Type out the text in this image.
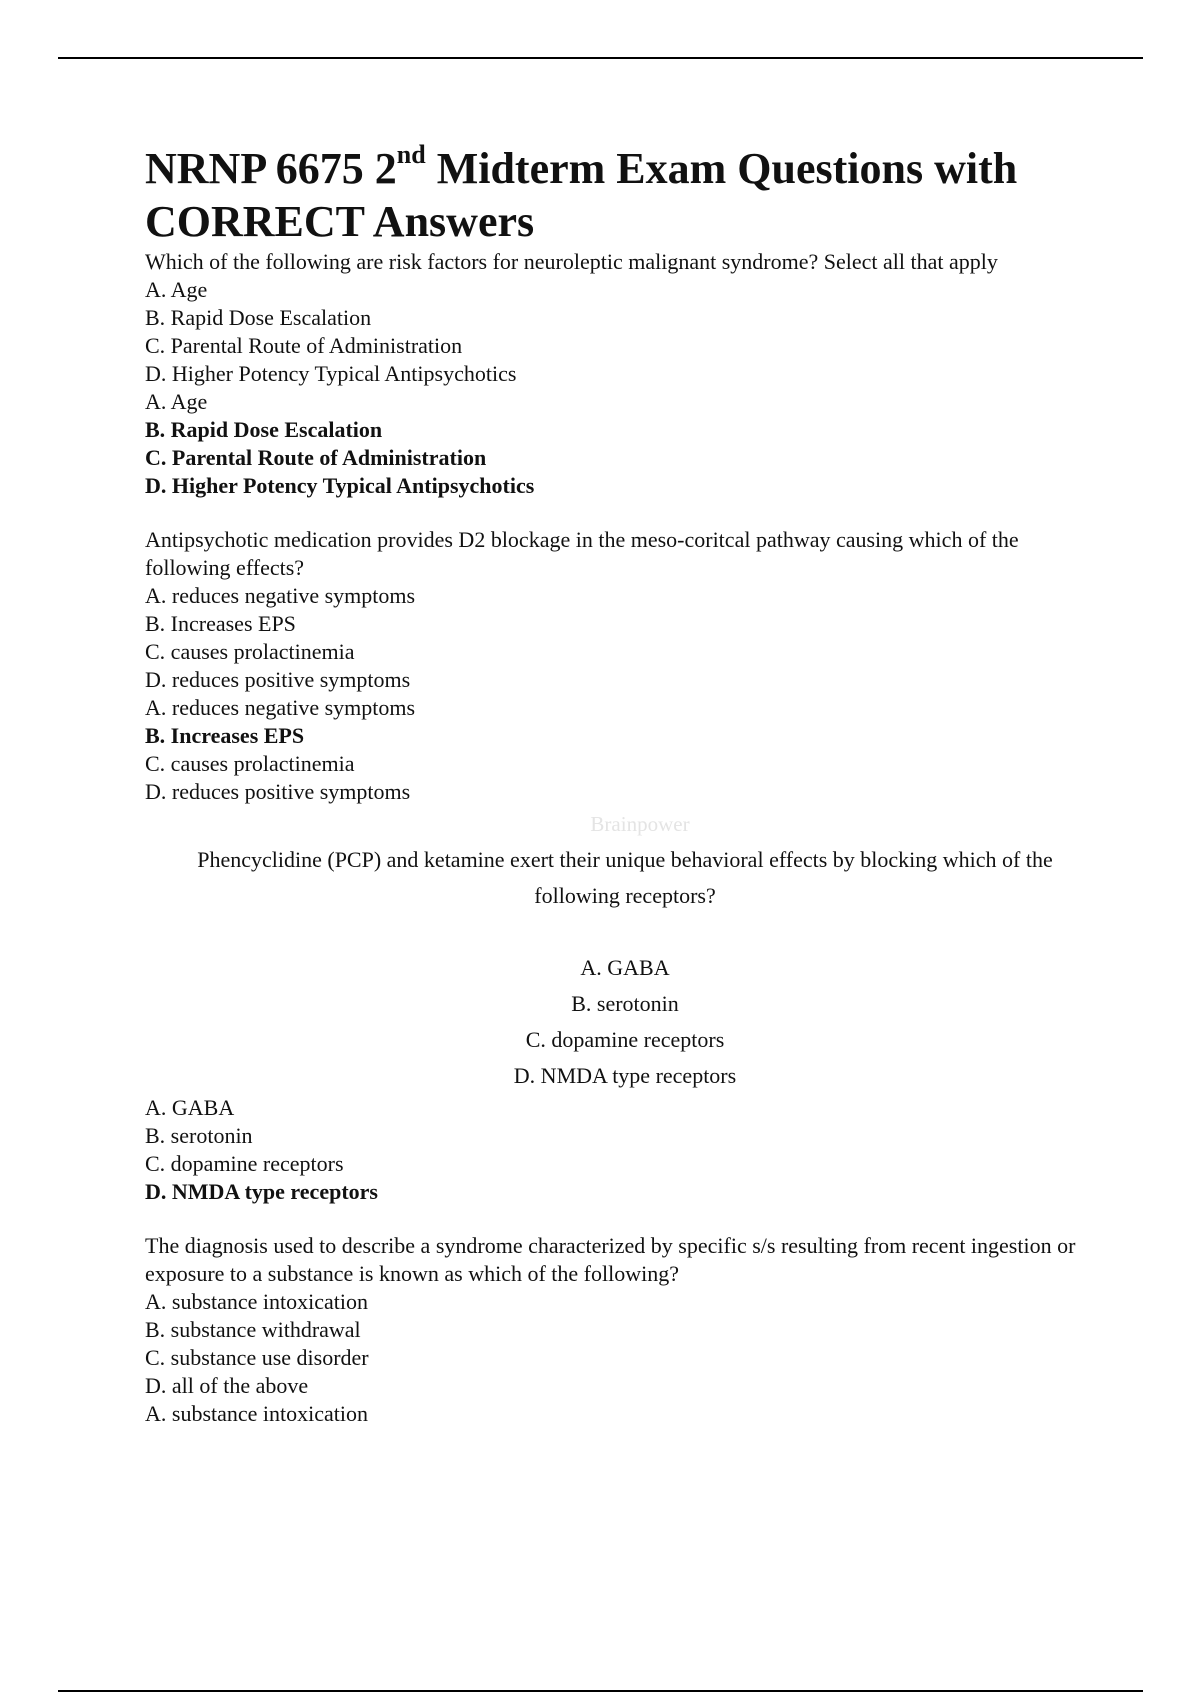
NRNP 6675 2nd Midterm Exam Questions with CORRECT Answers

Which of the following are risk factors for neuroleptic malignant syndrome? Select all that apply

A. Age

B. Rapid Dose Escalation

C. Parental Route of Administration

D. Higher Potency Typical Antipsychotics

A. Age

B. Rapid Dose Escalation

C. Parental Route of Administration

D. Higher Potency Typical Antipsychotics

Antipsychotic medication provides D2 blockage in the meso-coritcal pathway causing which of the following effects?

A. reduces negative symptoms

B. Increases EPS

C. causes prolactinemia

D. reduces positive symptoms

A. reduces negative symptoms

B. Increases EPS

C. causes prolactinemia

D. reduces positive symptoms

Brainpower

Phencyclidine (PCP) and ketamine exert their unique behavioral effects by blocking which of the

following receptors?

A. GABA

B. serotonin

C. dopamine receptors

D. NMDA type receptors

A. GABA

B. serotonin

C. dopamine receptors

D. NMDA type receptors

The diagnosis used to describe a syndrome characterized by specific s/s resulting from recent ingestion or exposure to a substance is known as which of the following?

A. substance intoxication

B. substance withdrawal

C. substance use disorder

D. all of the above

A. substance intoxication
